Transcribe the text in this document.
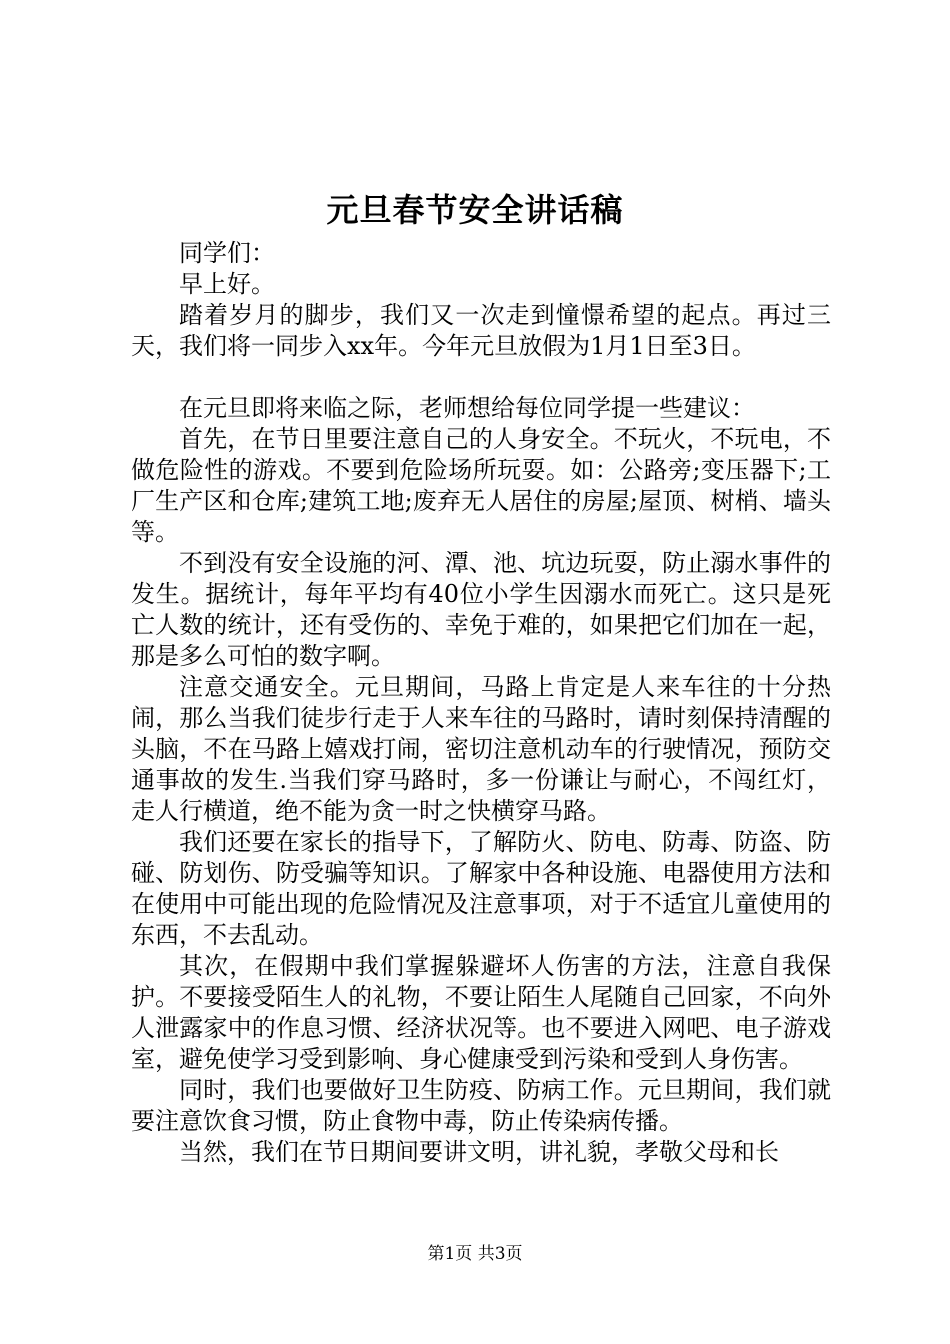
元旦春节安全讲话稿

同学们：

早上好。

踏着岁月的脚步，我们又一次走到憧憬希望的起点。再过三天，我们将一同步入xx年。今年元旦放假为1月1日至3日。

在元旦即将来临之际，老师想给每位同学提一些建议：

首先，在节日里要注意自己的人身安全。不玩火，不玩电，不做危险性的游戏。不要到危险场所玩耍。如：公路旁;变压器下;工厂生产区和仓库;建筑工地;废弃无人居住的房屋;屋顶、树梢、墙头等。

不到没有安全设施的河、潭、池、坑边玩耍，防止溺水事件的发生。据统计，每年平均有40位小学生因溺水而死亡。这只是死亡人数的统计，还有受伤的、幸免于难的，如果把它们加在一起，那是多么可怕的数字啊。

注意交通安全。元旦期间，马路上肯定是人来车往的十分热闹，那么当我们徒步行走于人来车往的马路时，请时刻保持清醒的头脑，不在马路上嬉戏打闹，密切注意机动车的行驶情况，预防交通事故的发生.当我们穿马路时，多一份谦让与耐心，不闯红灯，走人行横道，绝不能为贪一时之快横穿马路。

我们还要在家长的指导下，了解防火、防电、防毒、防盗、防碰、防划伤、防受骗等知识。了解家中各种设施、电器使用方法和在使用中可能出现的危险情况及注意事项，对于不适宜儿童使用的东西，不去乱动。

其次，在假期中我们掌握躲避坏人伤害的方法，注意自我保护。不要接受陌生人的礼物，不要让陌生人尾随自己回家，不向外人泄露家中的作息习惯、经济状况等。也不要进入网吧、电子游戏室，避免使学习受到影响、身心健康受到污染和受到人身伤害。

同时，我们也要做好卫生防疫、防病工作。元旦期间，我们就要注意饮食习惯，防止食物中毒，防止传染病传播。

当然，我们在节日期间要讲文明，讲礼貌，孝敬父母和长

第1页 共3页
